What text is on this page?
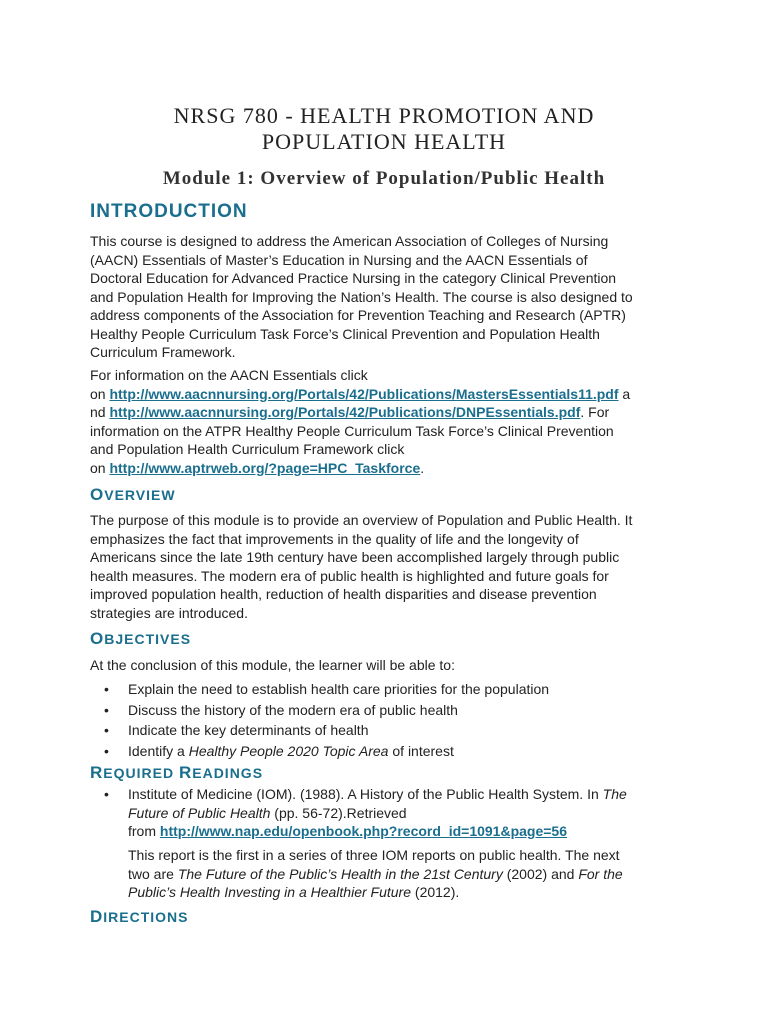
NRSG 780 - HEALTH PROMOTION AND
POPULATION HEALTH
Module 1: Overview of Population/Public Health
INTRODUCTION
This course is designed to address the American Association of Colleges of Nursing
(AACN) Essentials of Master’s Education in Nursing and the AACN Essentials of
Doctoral Education for Advanced Practice Nursing in the category Clinical Prevention
and Population Health for Improving the Nation’s Health. The course is also designed to
address components of the Association for Prevention Teaching and Research (APTR)
Healthy People Curriculum Task Force’s Clinical Prevention and Population Health
Curriculum Framework.
For information on the AACN Essentials click
on http://www.aacnnursing.org/Portals/42/Publications/MastersEssentials11.pdf a
nd http://www.aacnnursing.org/Portals/42/Publications/DNPEssentials.pdf. For
information on the ATPR Healthy People Curriculum Task Force’s Clinical Prevention
and Population Health Curriculum Framework click
on http://www.aptrweb.org/?page=HPC_Taskforce.
OVERVIEW
The purpose of this module is to provide an overview of Population and Public Health. It
emphasizes the fact that improvements in the quality of life and the longevity of
Americans since the late 19th century have been accomplished largely through public
health measures. The modern era of public health is highlighted and future goals for
improved population health, reduction of health disparities and disease prevention
strategies are introduced.
OBJECTIVES
At the conclusion of this module, the learner will be able to:
• Explain the need to establish health care priorities for the population
• Discuss the history of the modern era of public health
• Indicate the key determinants of health
• Identify a Healthy People 2020 Topic Area of interest
REQUIRED READINGS
• Institute of Medicine (IOM). (1988). A History of the Public Health System. In The
Future of Public Health (pp. 56-72).Retrieved
from http://www.nap.edu/openbook.php?record_id=1091&page=56
This report is the first in a series of three IOM reports on public health. The next
two are The Future of the Public’s Health in the 21st Century (2002) and For the
Public’s Health Investing in a Healthier Future (2012).
DIRECTIONS
